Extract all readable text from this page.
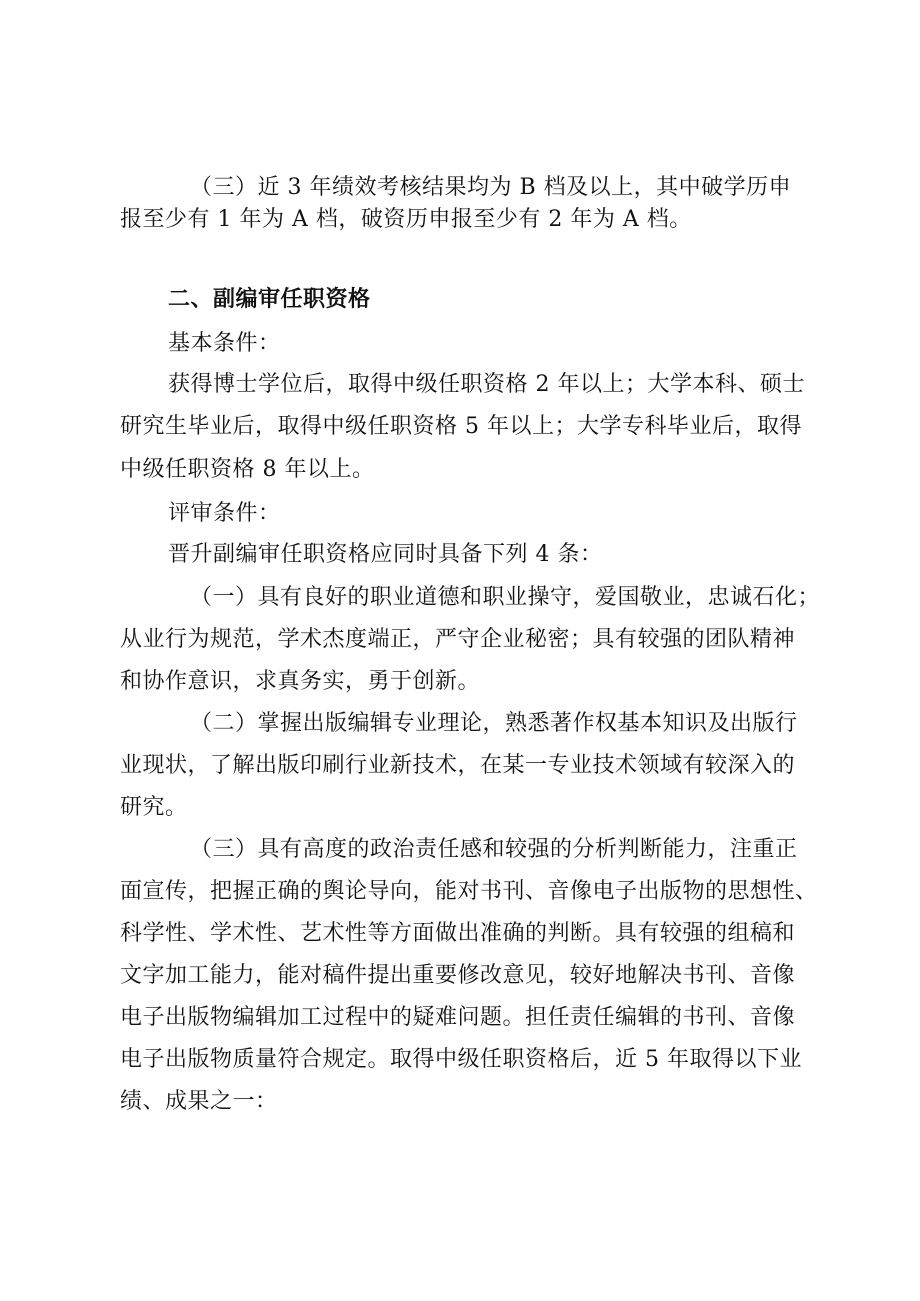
（三）近 3 年绩效考核结果均为 B 档及以上，其中破学历申
报至少有 1 年为 A 档，破资历申报至少有 2 年为 A 档。
二、副编审任职资格
基本条件：
获得博士学位后，取得中级任职资格 2 年以上；大学本科、硕士
研究生毕业后，取得中级任职资格 5 年以上；大学专科毕业后，取得
中级任职资格 8 年以上。
评审条件：
晋升副编审任职资格应同时具备下列 4 条：
（一）具有良好的职业道德和职业操守，爱国敬业，忠诚石化；
从业行为规范，学术杰度端正，严守企业秘密；具有较强的团队精神
和协作意识，求真务实，勇于创新。
（二）掌握出版编辑专业理论，熟悉著作权基本知识及出版行
业现状，了解出版印刷行业新技术，在某一专业技术领域有较深入的
研究。
（三）具有高度的政治责任感和较强的分析判断能力，注重正
面宣传，把握正确的舆论导向，能对书刊、音像电子出版物的思想性、
科学性、学术性、艺术性等方面做出准确的判断。具有较强的组稿和
文字加工能力，能对稿件提出重要修改意见，较好地解决书刊、音像
电子出版物编辑加工过程中的疑难问题。担任责任编辑的书刊、音像
电子出版物质量符合规定。取得中级任职资格后，近 5 年取得以下业
绩、成果之一：
